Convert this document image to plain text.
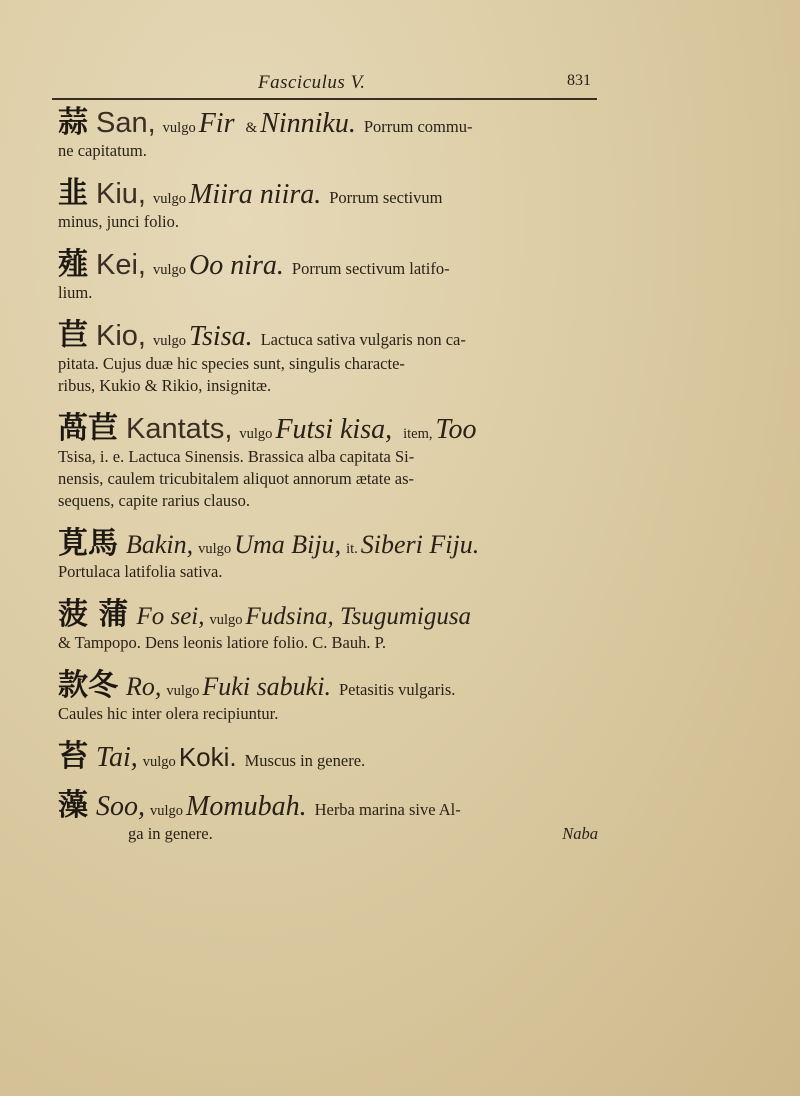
Fasciculus V.	831
蒜 San, vulgo Fir & Ninniku. Porrum commu-
ne capitatum.
韭 Kiu, vulgo Miira niira. Porrum sectivum
minus, junci folio.
薤 Kei, vulgo Oo nira. Porrum sectivum latifo-
lium.
苣 Kio, vulgo Tsisa. Lactuca sativa vulgaris non ca-
pitata. Cujus duæ hic species sunt, singulis characte-
ribus, Kukio & Rikio, insignitæ.
萵苣 Kantats, vulgo Futsi kisa, item, Too
Tsisa, i. e. Lactuca Sinensis. Brassica alba capitata Si-
nensis, caulem tricubitalem aliquot annorum ætate as-
sequens, capite rarius clauso.
莧馬 Bakin, vulgo Uma Biju, it. Siberi Fiju.
Portulaca latifolia sativa.
菠 蒲 Fo sei, vulgo Fudsina, Tsugumigusa
& Tampopo. Dens leonis latiore folio. C. Bauh. P.
款冬 Ro, vulgo Fuki sabuki. Petasitis vulgaris.
Caules hic inter olera recipiuntur.
苔 Tai, vulgo Koki. Muscus in genere.
藻 Soo, vulgo Momubah. Herba marina sive Al-
ga in genere.	Naba
